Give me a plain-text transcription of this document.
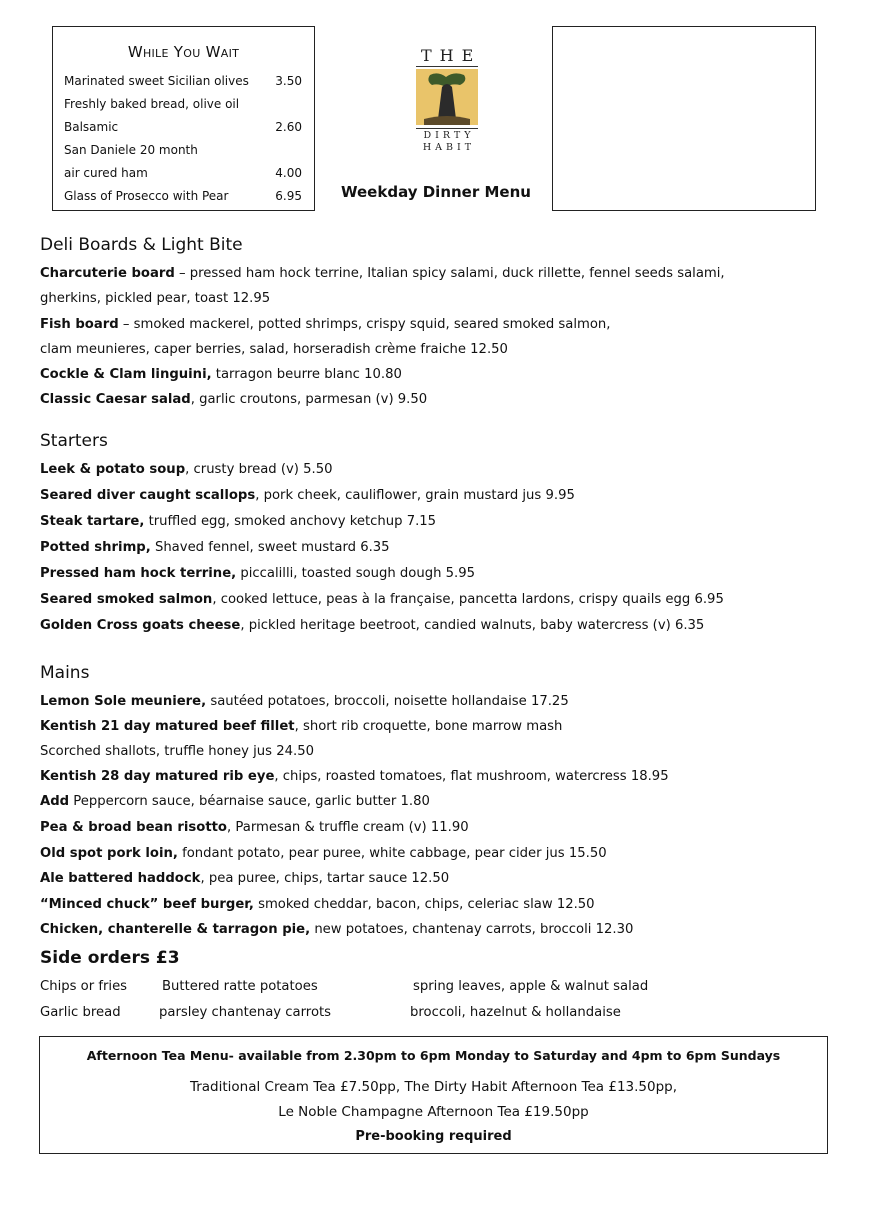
While You Wait
Marinated sweet Sicilian olives 3.50
Freshly baked bread, olive oil
Balsamic	2.60
San Daniele 20 month
air cured ham	4.00
Glass of Prosecco with Pear	6.95
THE
DIRTY
HABIT
Weekday Dinner Menu
Deli Boards & Light Bite
Charcuterie board – pressed ham hock terrine, Italian spicy salami, duck rillette, fennel seeds salami,
gherkins, pickled pear, toast 12.95
Fish board – smoked mackerel, potted shrimps, crispy squid, seared smoked salmon,
clam meunieres, caper berries, salad, horseradish crème fraiche 12.50
Cockle & Clam linguini, tarragon beurre blanc 10.80
Classic Caesar salad, garlic croutons, parmesan (v) 9.50
Starters
Leek & potato soup, crusty bread (v) 5.50
Seared diver caught scallops, pork cheek, cauliflower, grain mustard jus 9.95
Steak tartare, truffled egg, smoked anchovy ketchup 7.15
Potted shrimp, Shaved fennel, sweet mustard 6.35
Pressed ham hock terrine, piccalilli, toasted sough dough 5.95
Seared smoked salmon, cooked lettuce, peas à la française, pancetta lardons, crispy quails egg 6.95
Golden Cross goats cheese, pickled heritage beetroot, candied walnuts, baby watercress (v) 6.35
Mains
Lemon Sole meuniere, sautéed potatoes, broccoli, noisette hollandaise 17.25
Kentish 21 day matured beef fillet, short rib croquette, bone marrow mash
Scorched shallots, truffle honey jus 24.50
Kentish 28 day matured rib eye, chips, roasted tomatoes, flat mushroom, watercress 18.95
Add Peppercorn sauce, béarnaise sauce, garlic butter 1.80
Pea & broad bean risotto, Parmesan & truffle cream (v) 11.90
Old spot pork loin, fondant potato, pear puree, white cabbage, pear cider jus 15.50
Ale battered haddock, pea puree, chips, tartar sauce 12.50
“Minced chuck” beef burger, smoked cheddar, bacon, chips, celeriac slaw 12.50
Chicken, chanterelle & tarragon pie, new potatoes, chantenay carrots, broccoli 12.30
Side orders £3
Chips or fries	Buttered ratte potatoes	spring leaves, apple & walnut salad
Garlic bread	parsley chantenay carrots	broccoli, hazelnut & hollandaise
Afternoon Tea Menu- available from 2.30pm to 6pm Monday to Saturday and 4pm to 6pm Sundays
Traditional Cream Tea £7.50pp, The Dirty Habit Afternoon Tea £13.50pp,
Le Noble Champagne Afternoon Tea £19.50pp
Pre-booking required
